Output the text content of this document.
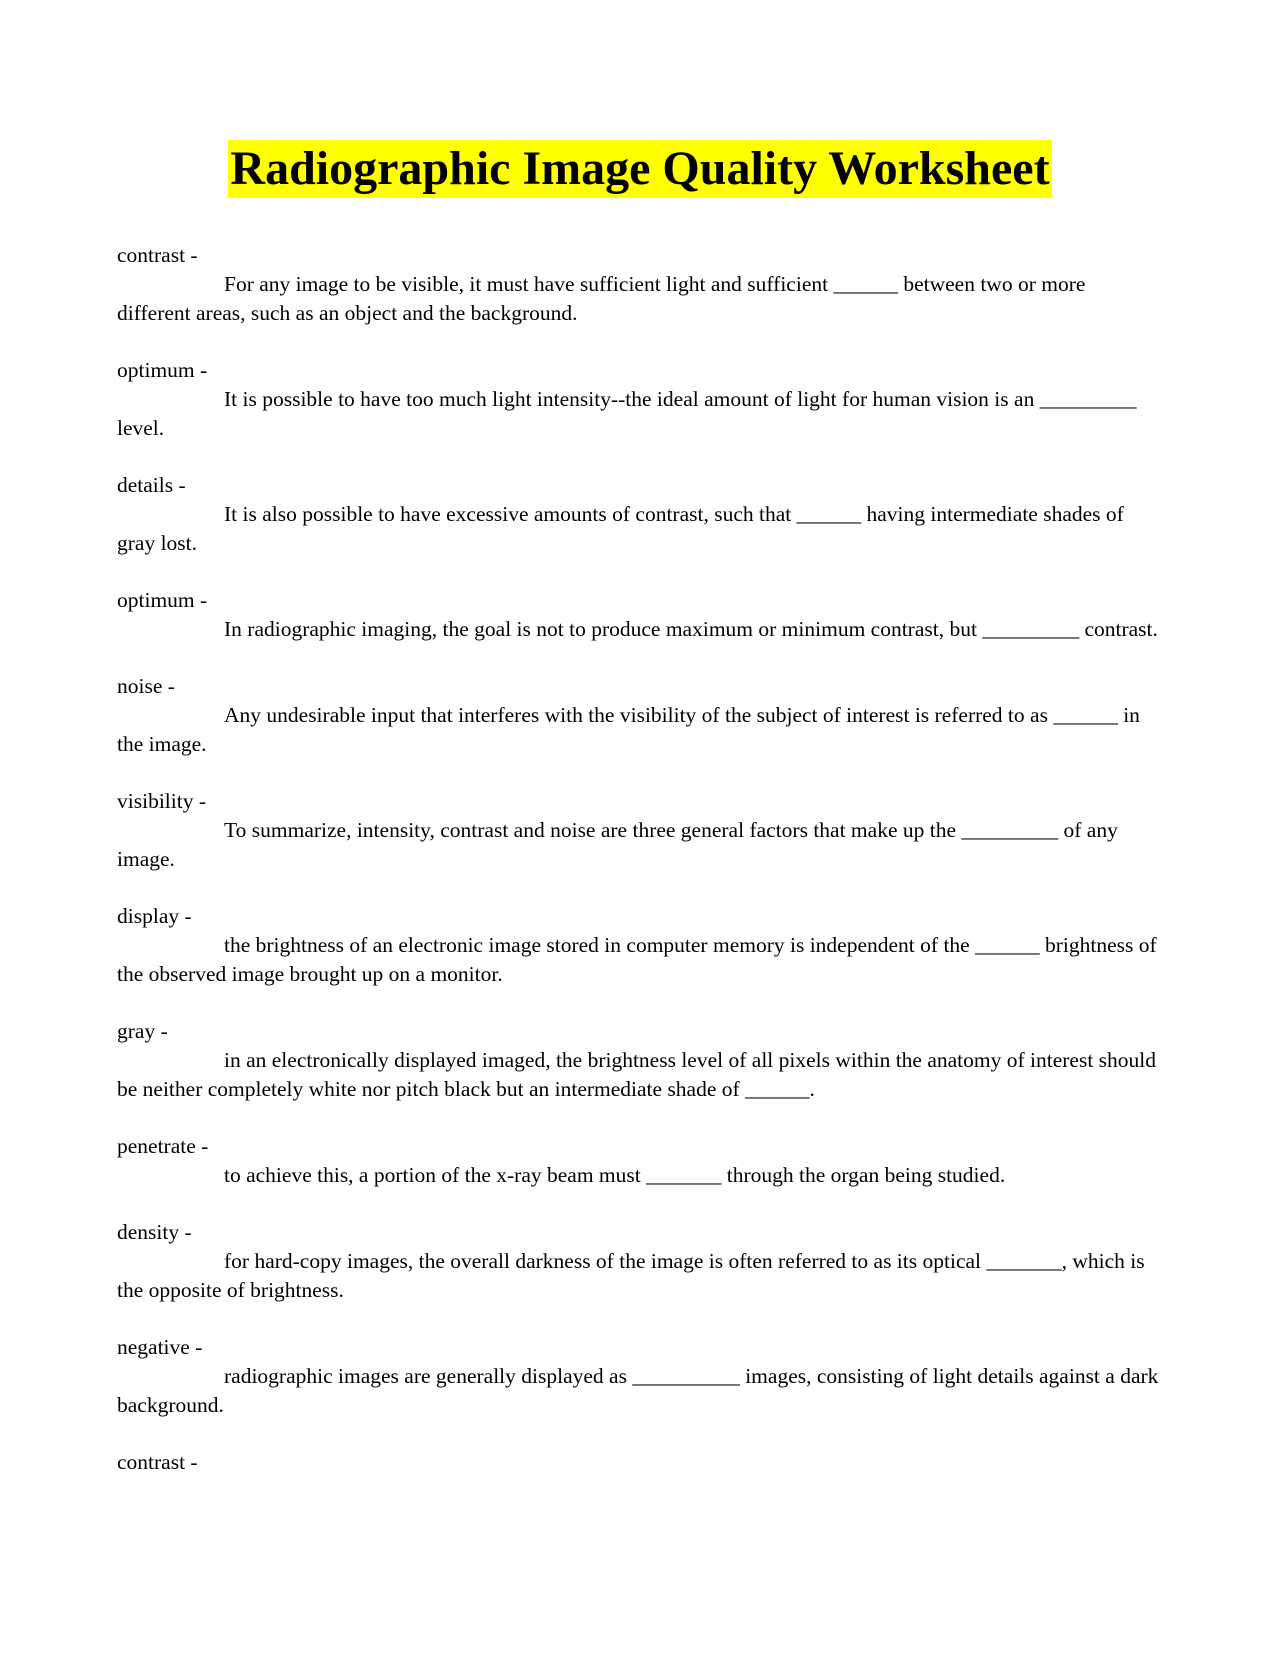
Radiographic Image Quality Worksheet
contrast -
For any image to be visible, it must have sufficient light and sufficient ______ between two or more different areas, such as an object and the background.
optimum -
It is possible to have too much light intensity--the ideal amount of light for human vision is an _________ level.
details -
It is also possible to have excessive amounts of contrast, such that ______ having intermediate shades of gray lost.
optimum -
In radiographic imaging, the goal is not to produce maximum or minimum contrast, but _________ contrast.
noise -
Any undesirable input that interferes with the visibility of the subject of interest is referred to as ______ in the image.
visibility -
To summarize, intensity, contrast and noise are three general factors that make up the _________ of any image.
display -
the brightness of an electronic image stored in computer memory is independent of the ______ brightness of the observed image brought up on a monitor.
gray -
in an electronically displayed imaged, the brightness level of all pixels within the anatomy of interest should be neither completely white nor pitch black but an intermediate shade of ______.
penetrate -
to achieve this, a portion of the x-ray beam must _______ through the organ being studied.
density -
for hard-copy images, the overall darkness of the image is often referred to as its optical _______, which is the opposite of brightness.
negative -
radiographic images are generally displayed as __________ images, consisting of light details against a dark background.
contrast -
